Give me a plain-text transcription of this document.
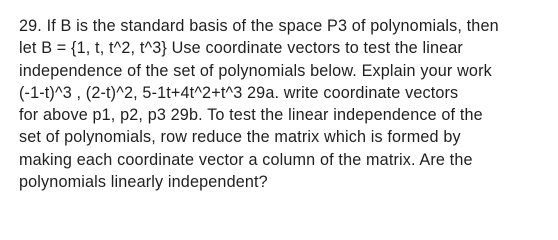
29. If B is the standard basis of the space P3 of polynomials, then
let B = {1, t, t^2, t^3} Use coordinate vectors to test the linear
independence of the set of polynomials below. Explain your work
(-1-t)^3 , (2-t)^2, 5-1t+4t^2+t^3 29a. write coordinate vectors
for above p1, p2, p3 29b. To test the linear independence of the
set of polynomials, row reduce the matrix which is formed by
making each coordinate vector a column of the matrix. Are the
polynomials linearly independent?
